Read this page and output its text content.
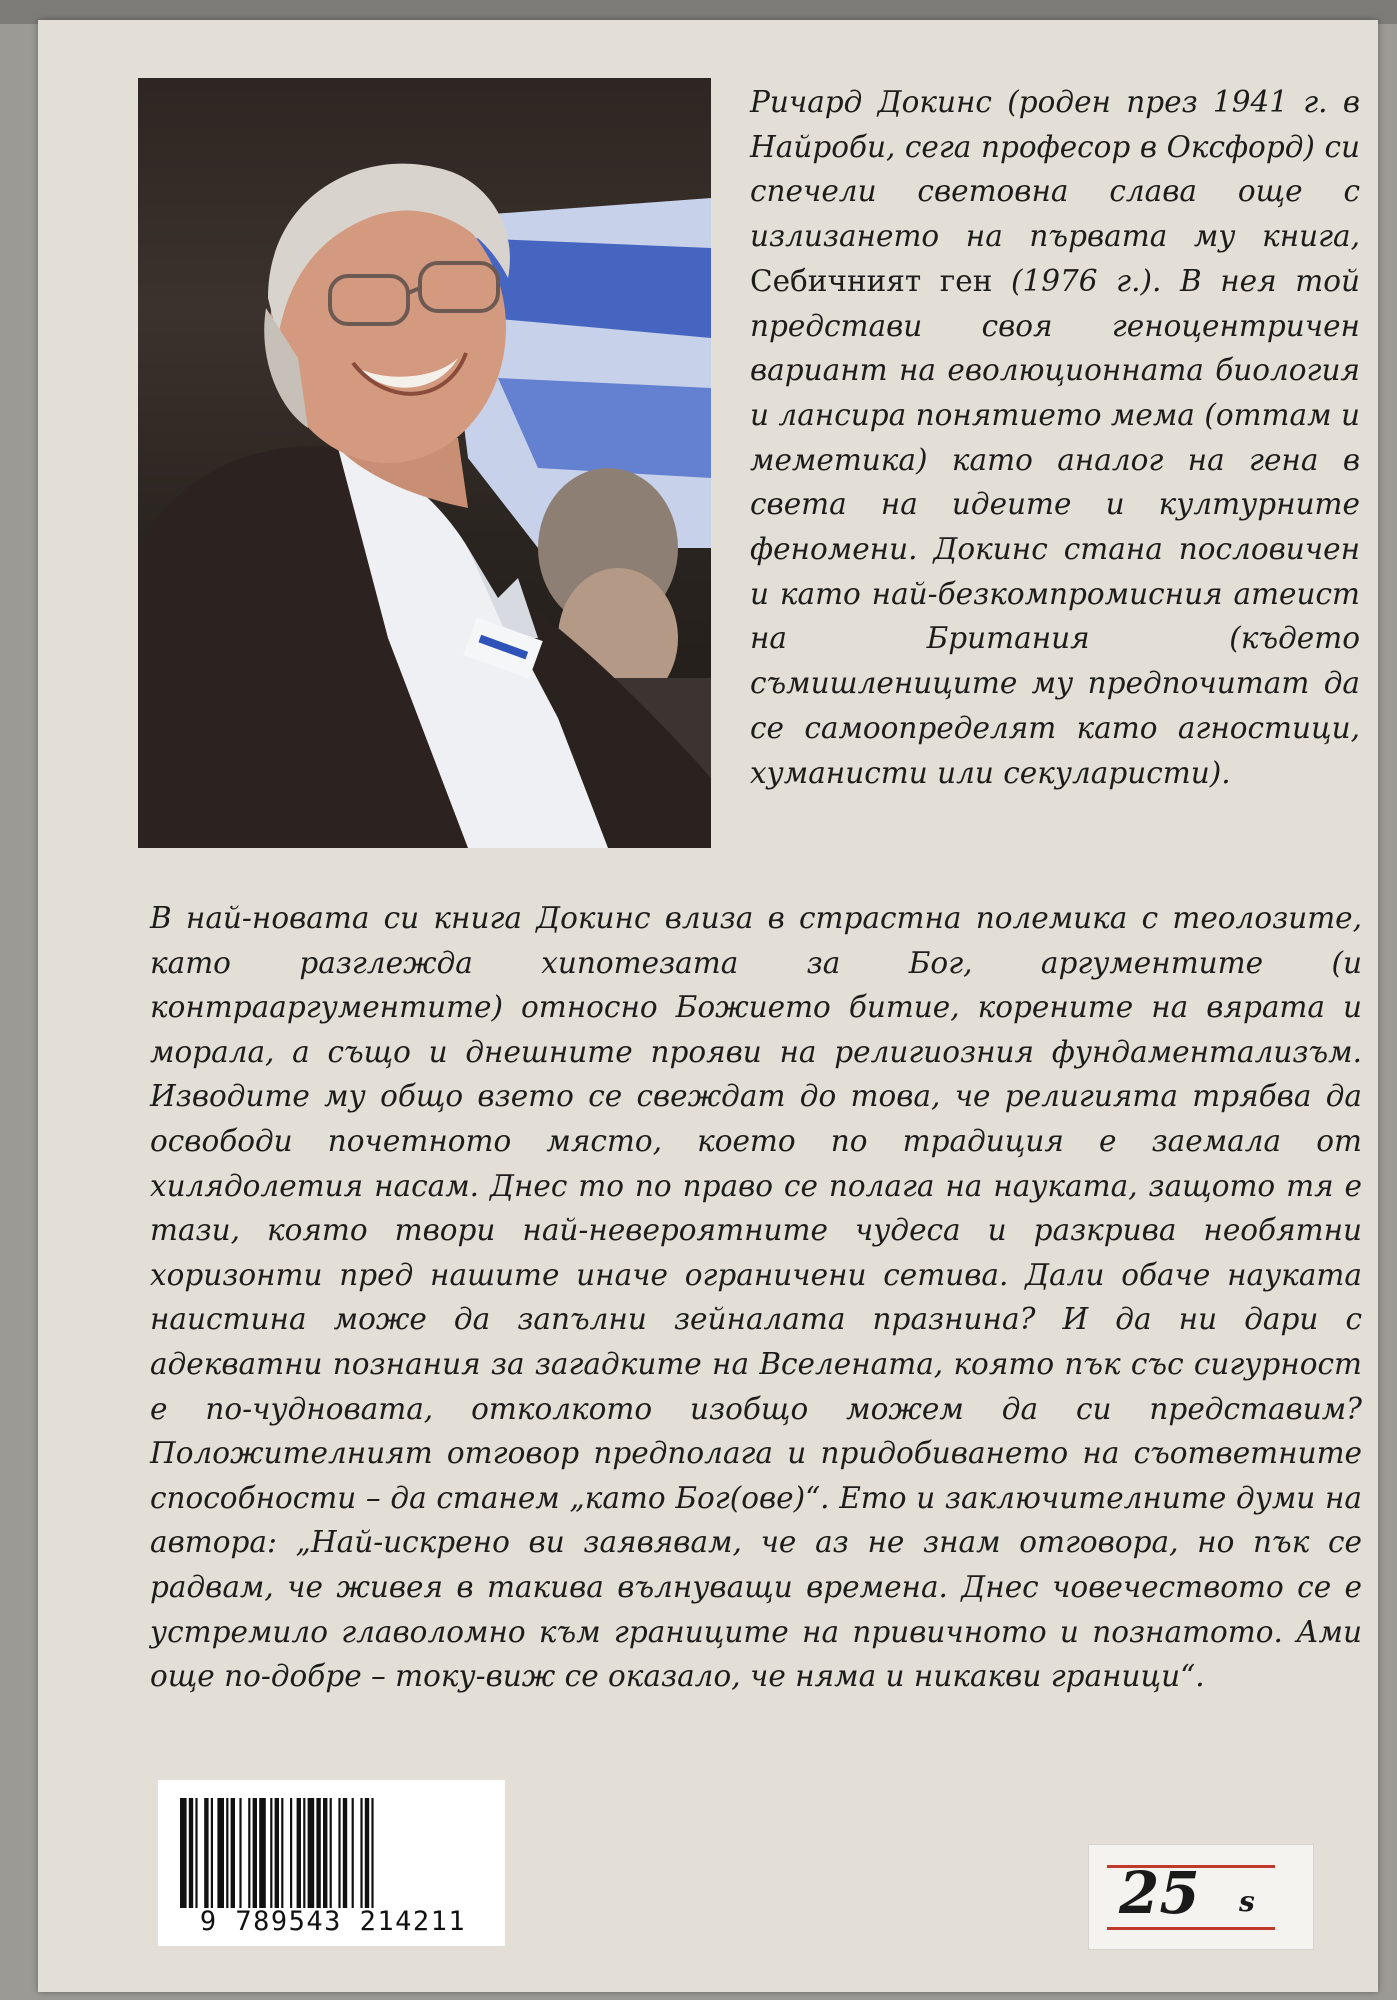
Ричард Докинс (роден през 1941 г. в Найроби, сега професор в Оксфорд) си спечели световна слава още с излизането на първата му книга, Себичният ген (1976 г.). В нея той представи своя геноцентричен вариант на еволюционната биология и лансира понятието мема (оттам и меметика) като аналог на гена в света на идеите и културните феномени. Докинс стана пословичен и като най-безкомпромисния атеист на Британия (където съмишлениците му предпочитат да се самоопределят като агностици, хуманисти или секуларисти).
В най-новата си книга Докинс влиза в страстна полемика с теолозите, като разглежда хипотезата за Бог, аргументите (и контрааргументите) относно Божието битие, корените на вярата и морала, а също и днешните прояви на религиозния фундаментализъм. Изводите му общо взето се свеждат до това, че религията трябва да освободи почетното място, което по традиция е заемала от хилядолетия насам. Днес то по право се полага на науката, защото тя е тази, която твори най-невероятните чудеса и разкрива необятни хоризонти пред нашите иначе ограничени сетива. Дали обаче науката наистина може да запълни зейналата празнина? И да ни дари с адекватни познания за загадките на Вселената, която пък със сигурност е по-чудновата, отколкото изобщо можем да си представим? Положителният отговор предполага и придобиването на съответните способности – да станем „като Бог(ове)“. Ето и заключителните думи на автора: „Най-искрено ви заявявам, че аз не знам отговора, но пък се радвам, че живея в такива вълнуващи времена. Днес човечеството се е устремило главоломно към границите на привичното и познатото. Ами още по-добре – току-виж се оказало, че няма и никакви граници“.
9 789543 214211	25 s
